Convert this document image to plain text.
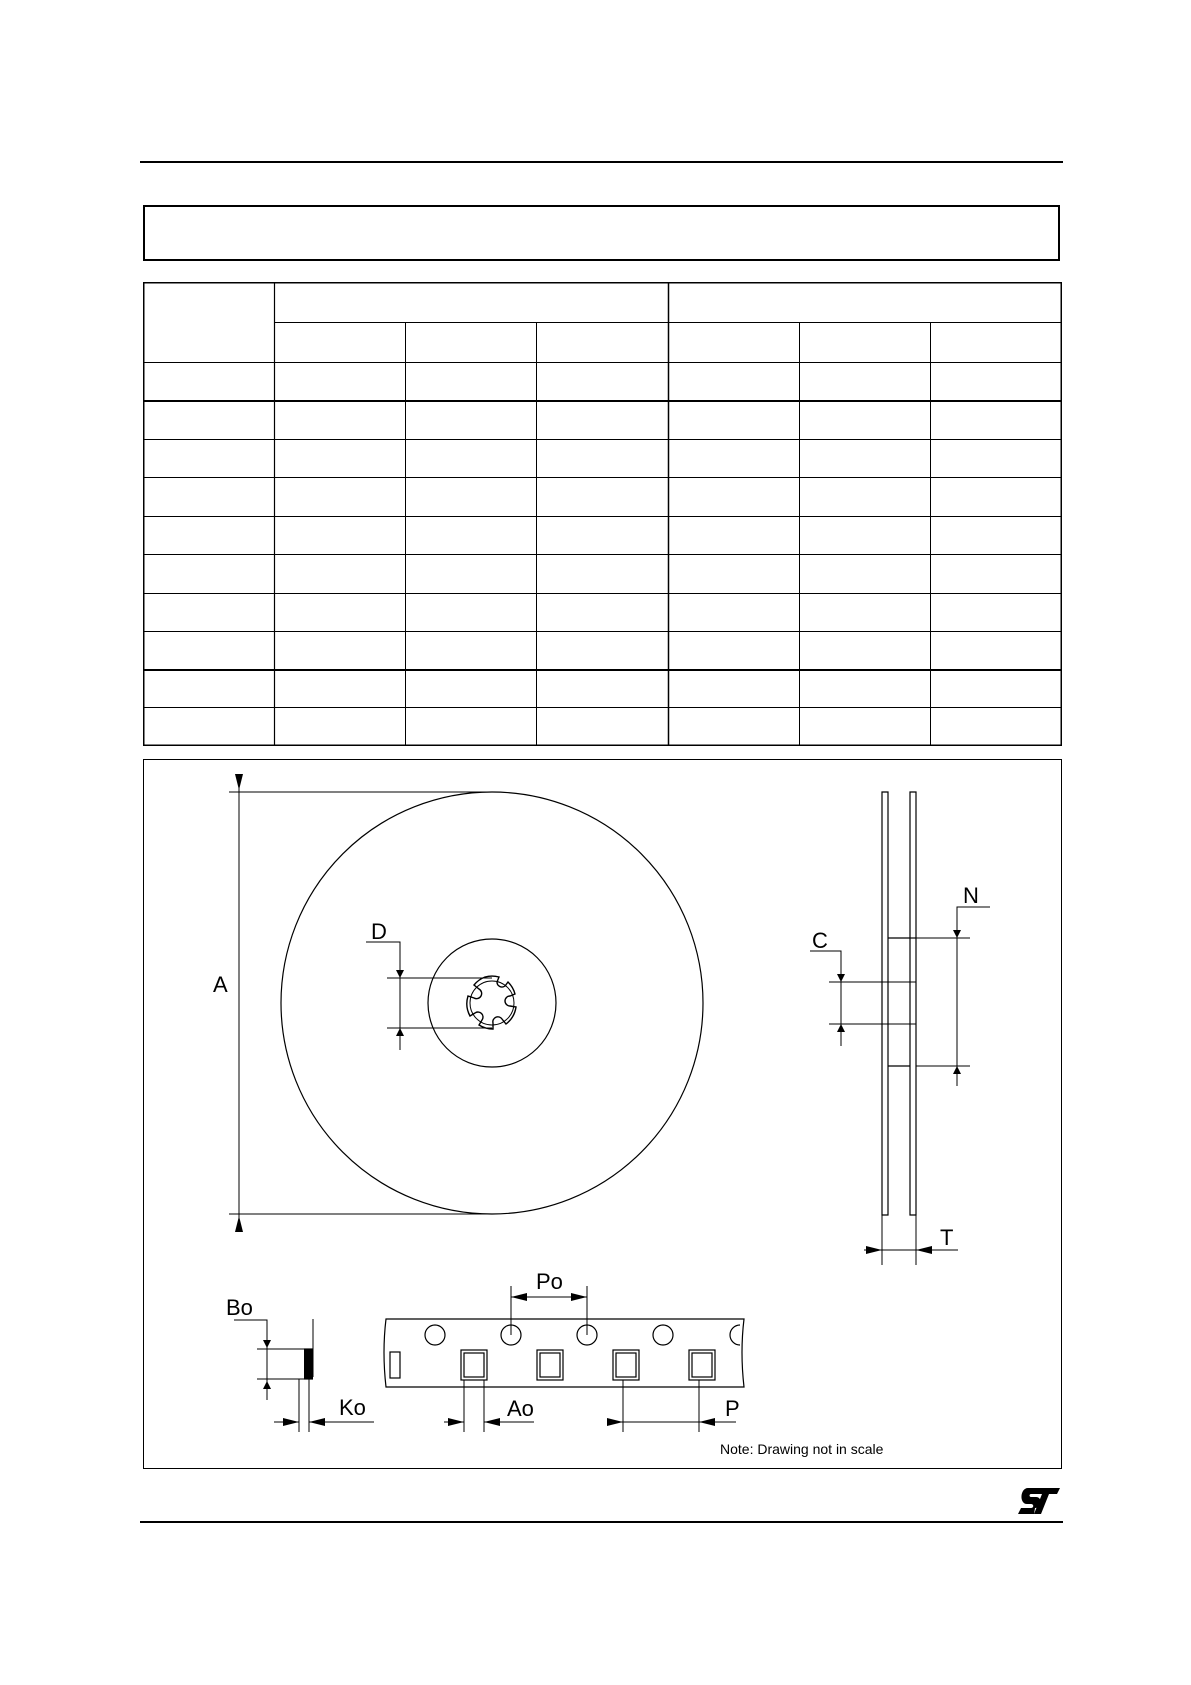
A
D	C
N
T
Bo
Ko
Po
Ao	P
Note: Drawing not in scale
